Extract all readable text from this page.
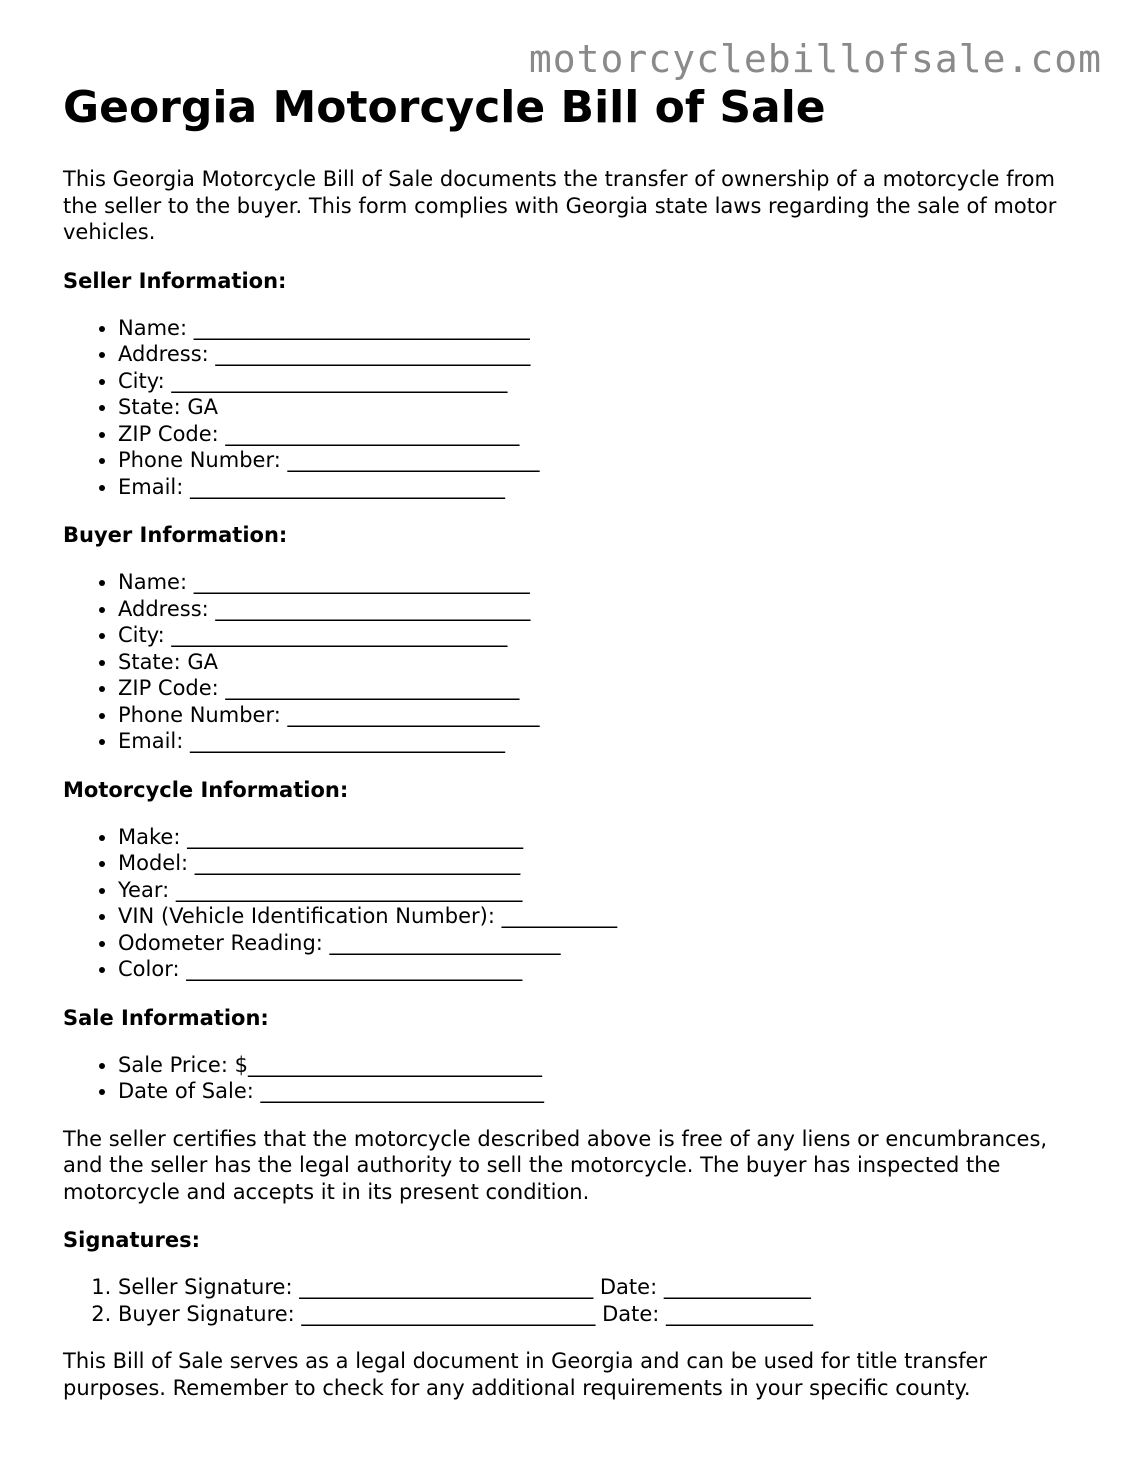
motorcyclebillofsale.com
Georgia Motorcycle Bill of Sale

This Georgia Motorcycle Bill of Sale documents the transfer of ownership of a motorcycle from the seller to the buyer. This form complies with Georgia state laws regarding the sale of motor vehicles.

Seller Information:
• Name: ________________________________
• Address: ______________________________
• City: ________________________________
• State: GA
• ZIP Code: ____________________________
• Phone Number: ________________________
• Email: ______________________________
Buyer Information:
• Name: ________________________________
• Address: ______________________________
• City: ________________________________
• State: GA
• ZIP Code: ____________________________
• Phone Number: ________________________
• Email: ______________________________
Motorcycle Information:
• Make: ________________________________
• Model: _______________________________
• Year: _________________________________
• VIN (Vehicle Identification Number): ___________
• Odometer Reading: ______________________
• Color: ________________________________
Sale Information:
• Sale Price: $____________________________
• Date of Sale: ___________________________

The seller certifies that the motorcycle described above is free of any liens or encumbrances, and the seller has the legal authority to sell the motorcycle. The buyer has inspected the motorcycle and accepts it in its present condition.

Signatures:
1. Seller Signature: ____________________________ Date: ______________
2. Buyer Signature: ____________________________ Date: ______________

This Bill of Sale serves as a legal document in Georgia and can be used for title transfer purposes. Remember to check for any additional requirements in your specific county.
